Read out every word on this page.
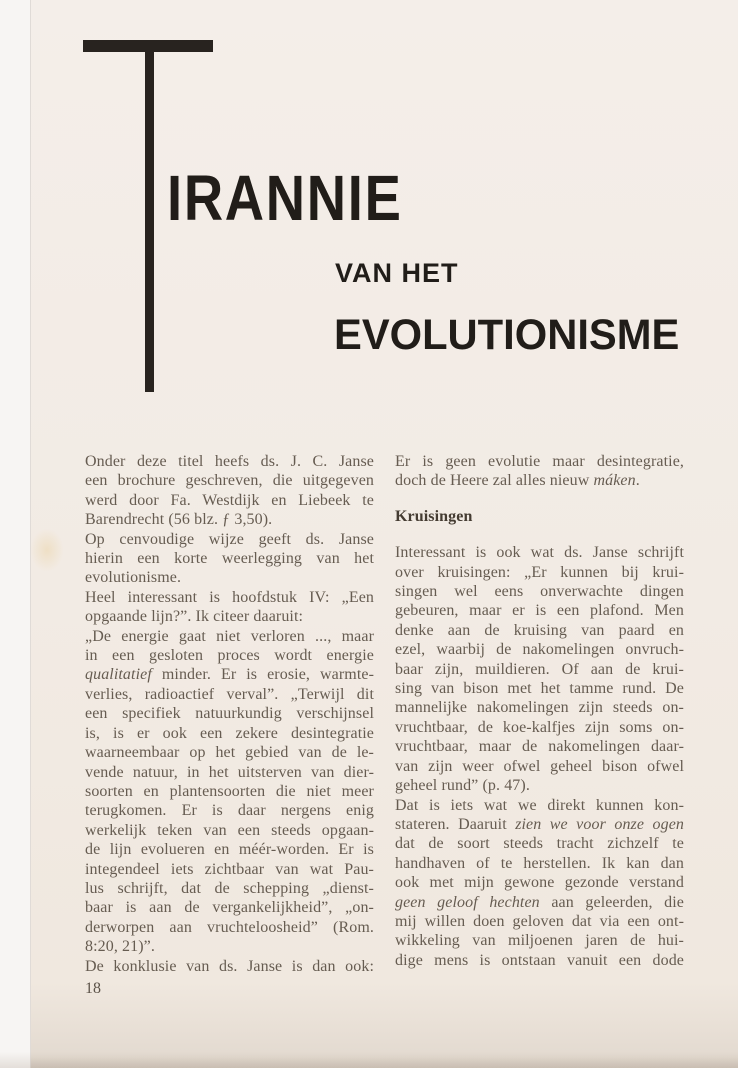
IRANNIE
VAN HET
EVOLUTIONISME
Onder deze titel heefs ds. J. C. Janse
een brochure geschreven, die uitgegeven
werd door Fa. Westdijk en Liebeek te
Barendrecht (56 blz. ƒ 3,50).
Op cenvoudige wijze geeft ds. Janse
hierin een korte weerlegging van het
evolutionisme.
Heel interessant is hoofdstuk IV: „Een
opgaande lijn?”. Ik citeer daaruit:
„De energie gaat niet verloren ..., maar
in een gesloten proces wordt energie
qualitatief minder. Er is erosie, warmte-
verlies, radioactief verval”. „Terwijl dit
een specifiek natuurkundig verschijnsel
is, is er ook een zekere desintegratie
waarneembaar op het gebied van de le-
vende natuur, in het uitsterven van dier-
soorten en plantensoorten die niet meer
terugkomen. Er is daar nergens enig
werkelijk teken van een steeds opgaan-
de lijn evolueren en méér-worden. Er is
integendeel iets zichtbaar van wat Pau-
lus schrijft, dat de schepping „dienst-
baar is aan de vergankelijkheid”, „on-
derworpen aan vruchteloosheid” (Rom.
8:20, 21)”.
De konklusie van ds. Janse is dan ook:
Er is geen evolutie maar desintegratie,
doch de Heere zal alles nieuw máken.
Kruisingen
Interessant is ook wat ds. Janse schrijft
over kruisingen: „Er kunnen bij krui-
singen wel eens onverwachte dingen
gebeuren, maar er is een plafond. Men
denke aan de kruising van paard en
ezel, waarbij de nakomelingen onvruch-
baar zijn, muildieren. Of aan de krui-
sing van bison met het tamme rund. De
mannelijke nakomelingen zijn steeds on-
vruchtbaar, de koe-kalfjes zijn soms on-
vruchtbaar, maar de nakomelingen daar-
van zijn weer ofwel geheel bison ofwel
geheel rund” (p. 47).
Dat is iets wat we direkt kunnen kon-
stateren. Daaruit zien we voor onze ogen
dat de soort steeds tracht zichzelf te
handhaven of te herstellen. Ik kan dan
ook met mijn gewone gezonde verstand
geen geloof hechten aan geleerden, die
mij willen doen geloven dat via een ont-
wikkeling van miljoenen jaren de hui-
dige mens is ontstaan vanuit een dode
18
